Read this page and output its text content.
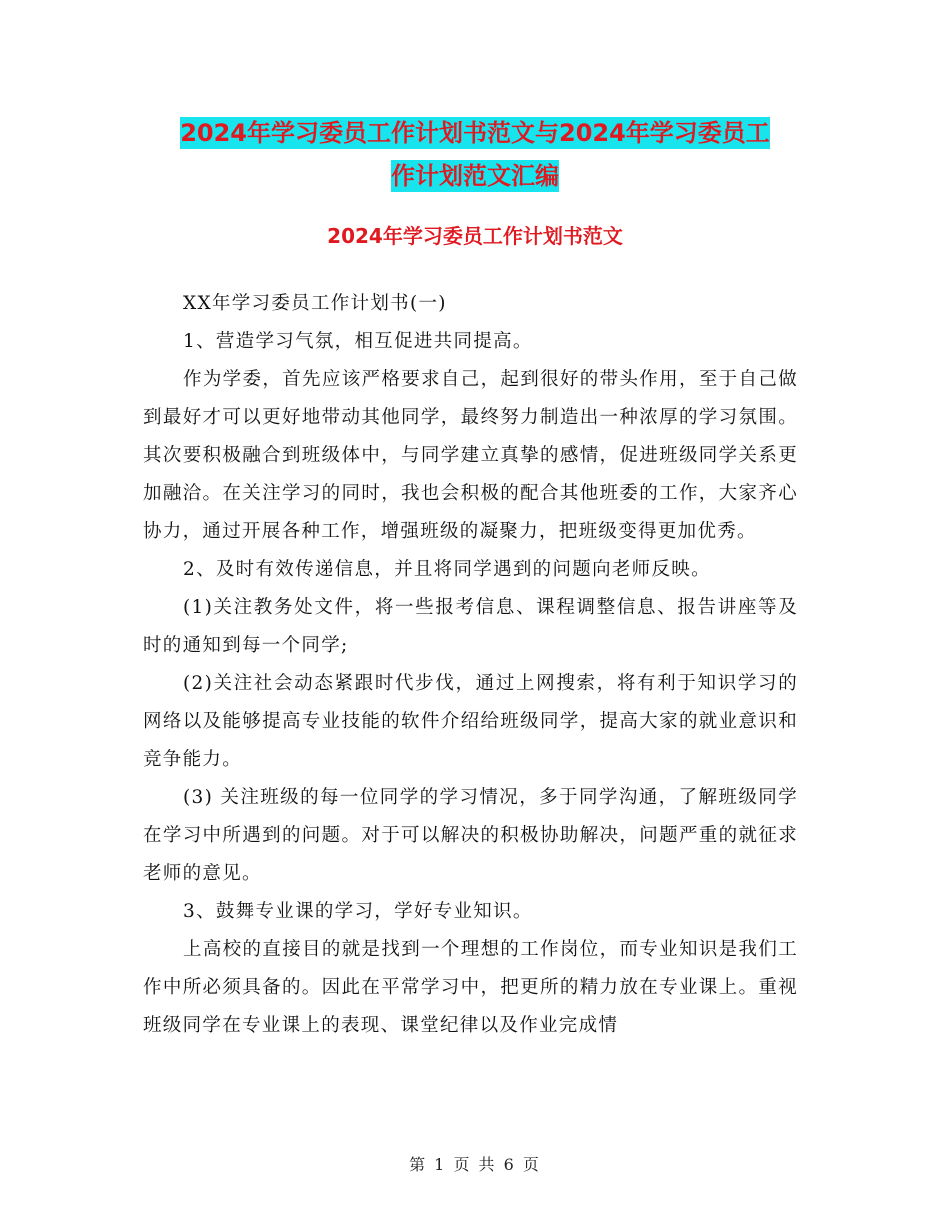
2024年学习委员工作计划书范文与2024年学习委员工
作计划范文汇编
2024年学习委员工作计划书范文

XX年学习委员工作计划书(一)

1、营造学习气氛，相互促进共同提高。

作为学委，首先应该严格要求自己，起到很好的带头作用，至于自己做到最好才可以更好地带动其他同学，最终努力制造出一种浓厚的学习氛围。其次要积极融合到班级体中，与同学建立真挚的感情，促进班级同学关系更加融洽。在关注学习的同时，我也会积极的配合其他班委的工作，大家齐心协力，通过开展各种工作，增强班级的凝聚力，把班级变得更加优秀。

2、及时有效传递信息，并且将同学遇到的问题向老师反映。

(1)关注教务处文件，将一些报考信息、课程调整信息、报告讲座等及时的通知到每一个同学;

(2)关注社会动态紧跟时代步伐，通过上网搜索，将有利于知识学习的网络以及能够提高专业技能的软件介绍给班级同学，提高大家的就业意识和竞争能力。

(3) 关注班级的每一位同学的学习情况，多于同学沟通，了解班级同学在学习中所遇到的问题。对于可以解决的积极协助解决，问题严重的就征求老师的意见。

3、鼓舞专业课的学习，学好专业知识。

上高校的直接目的就是找到一个理想的工作岗位，而专业知识是我们工作中所必须具备的。因此在平常学习中，把更所的精力放在专业课上。重视班级同学在专业课上的表现、课堂纪律以及作业完成情

第 1 页 共 6 页
